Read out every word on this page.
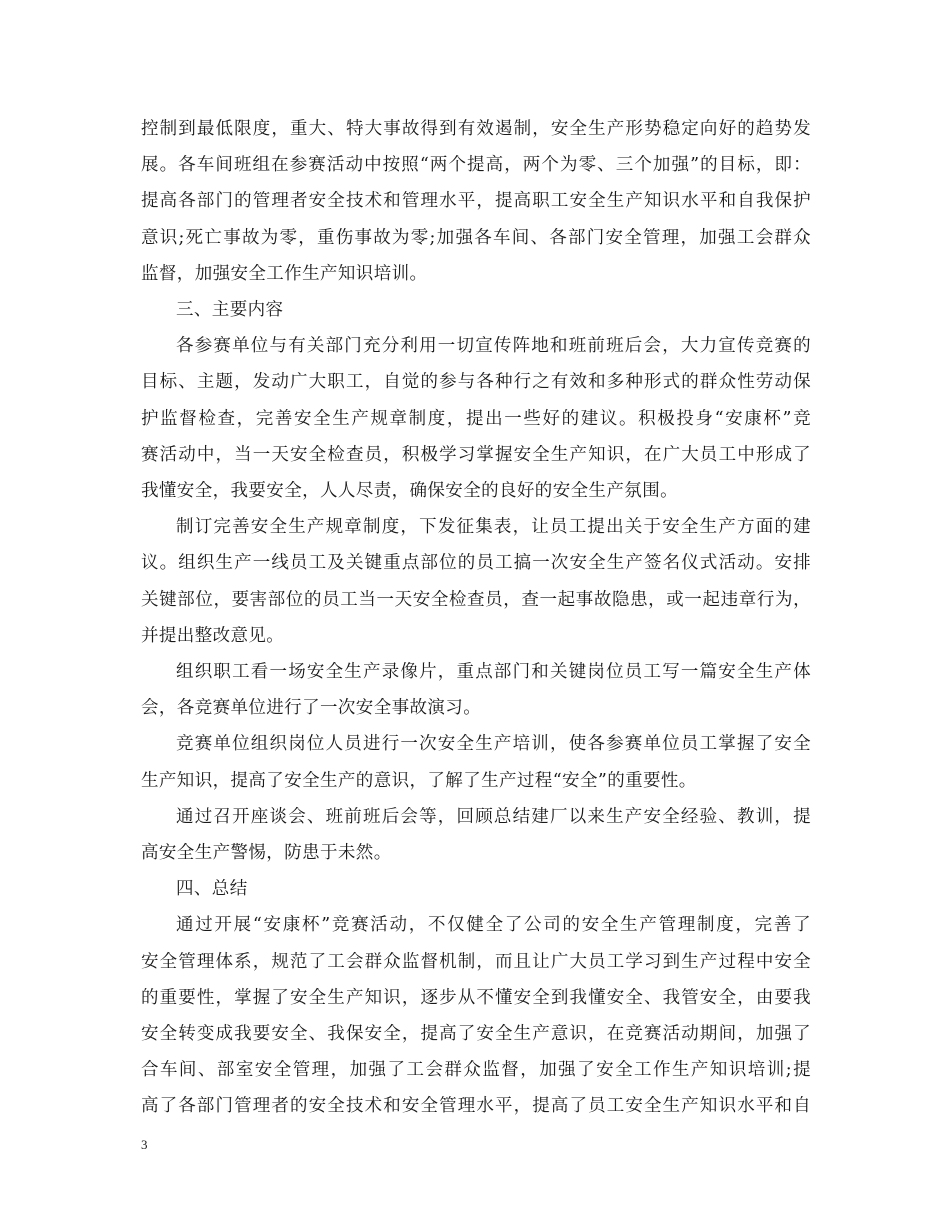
控制到最低限度，重大、特大事故得到有效遏制，安全生产形势稳定向好的趋势发
展。各车间班组在参赛活动中按照“两个提高，两个为零、三个加强”的目标，即：
提高各部门的管理者安全技术和管理水平，提高职工安全生产知识水平和自我保护
意识;死亡事故为零，重伤事故为零;加强各车间、各部门安全管理，加强工会群众
监督，加强安全工作生产知识培训。
三、主要内容
各参赛单位与有关部门充分利用一切宣传阵地和班前班后会，大力宣传竞赛的
目标、主题，发动广大职工，自觉的参与各种行之有效和多种形式的群众性劳动保
护监督检查，完善安全生产规章制度，提出一些好的建议。积极投身“安康杯”竞
赛活动中，当一天安全检查员，积极学习掌握安全生产知识，在广大员工中形成了
我懂安全，我要安全，人人尽责，确保安全的良好的安全生产氛围。
制订完善安全生产规章制度，下发征集表，让员工提出关于安全生产方面的建
议。组织生产一线员工及关键重点部位的员工搞一次安全生产签名仪式活动。安排
关键部位，要害部位的员工当一天安全检查员，查一起事故隐患，或一起违章行为，
并提出整改意见。
组织职工看一场安全生产录像片，重点部门和关键岗位员工写一篇安全生产体
会，各竞赛单位进行了一次安全事故演习。
竞赛单位组织岗位人员进行一次安全生产培训，使各参赛单位员工掌握了安全
生产知识，提高了安全生产的意识，了解了生产过程“安全”的重要性。
通过召开座谈会、班前班后会等，回顾总结建厂以来生产安全经验、教训，提
高安全生产警惕，防患于未然。
四、总结
通过开展“安康杯”竞赛活动，不仅健全了公司的安全生产管理制度，完善了
安全管理体系，规范了工会群众监督机制，而且让广大员工学习到生产过程中安全
的重要性，掌握了安全生产知识，逐步从不懂安全到我懂安全、我管安全，由要我
安全转变成我要安全、我保安全，提高了安全生产意识，在竞赛活动期间，加强了
合车间、部室安全管理，加强了工会群众监督，加强了安全工作生产知识培训;提
高了各部门管理者的安全技术和安全管理水平，提高了员工安全生产知识水平和自
3
